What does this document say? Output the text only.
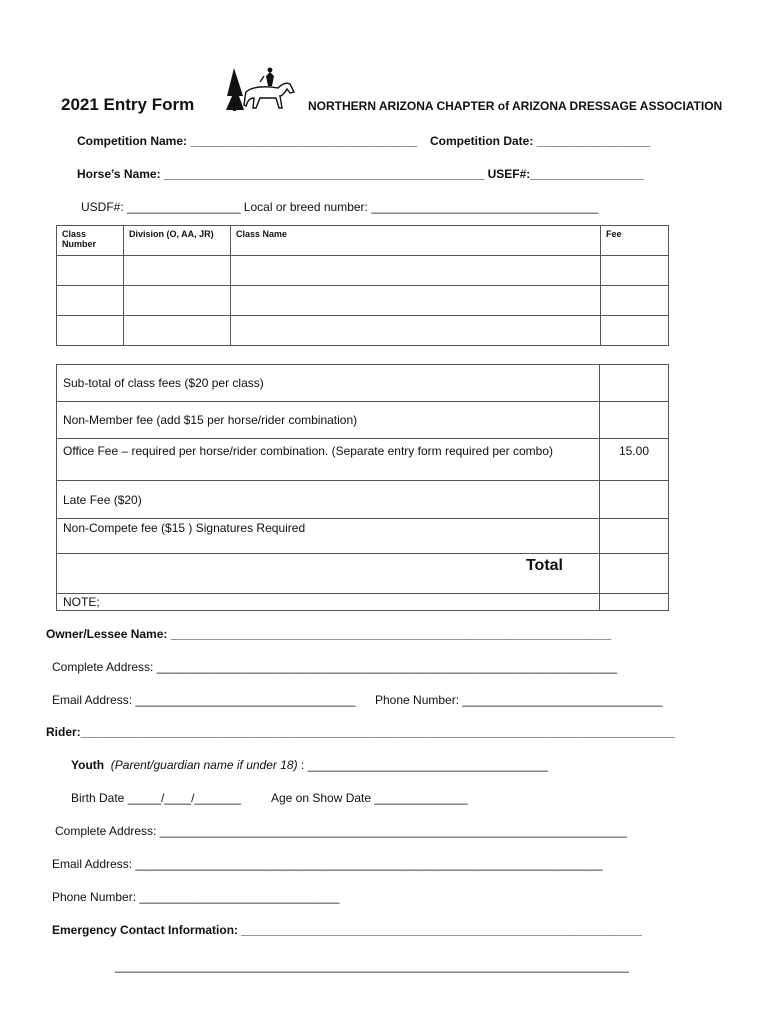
2021 Entry Form	NORTHERN ARIZONA CHAPTER of ARIZONA DRESSAGE ASSOCIATION
Competition Name: __________________________________ Competition Date: _________________
Horse’s Name: ________________________________________________ USEF#:_________________
USDF#: _________________ Local or breed number: __________________________________
Class
Number	Division (O, AA, JR)	Class Name	Fee

Sub-total of class fees ($20 per class)	
Non-Member fee (add $15 per horse/rider combination)	
Office Fee – required per horse/rider combination. (Separate entry form required per combo)	15.00
Late Fee ($20)	
Non-Compete fee ($15 ) Signatures Required	
Total	
NOTE;	
Owner/Lessee Name: __________________________________________________________________
Complete Address: _____________________________________________________________________
Email Address: _________________________________ Phone Number: ______________________________
Rider:_________________________________________________________________________________________
Youth (Parent/guardian name if under 18) : ____________________________________
Birth Date _____/____/_______ Age on Show Date ______________
Complete Address: ______________________________________________________________________
Email Address: ______________________________________________________________________
Phone Number: ______________________________
Emergency Contact Information: ____________________________________________________________
_____________________________________________________________________________
